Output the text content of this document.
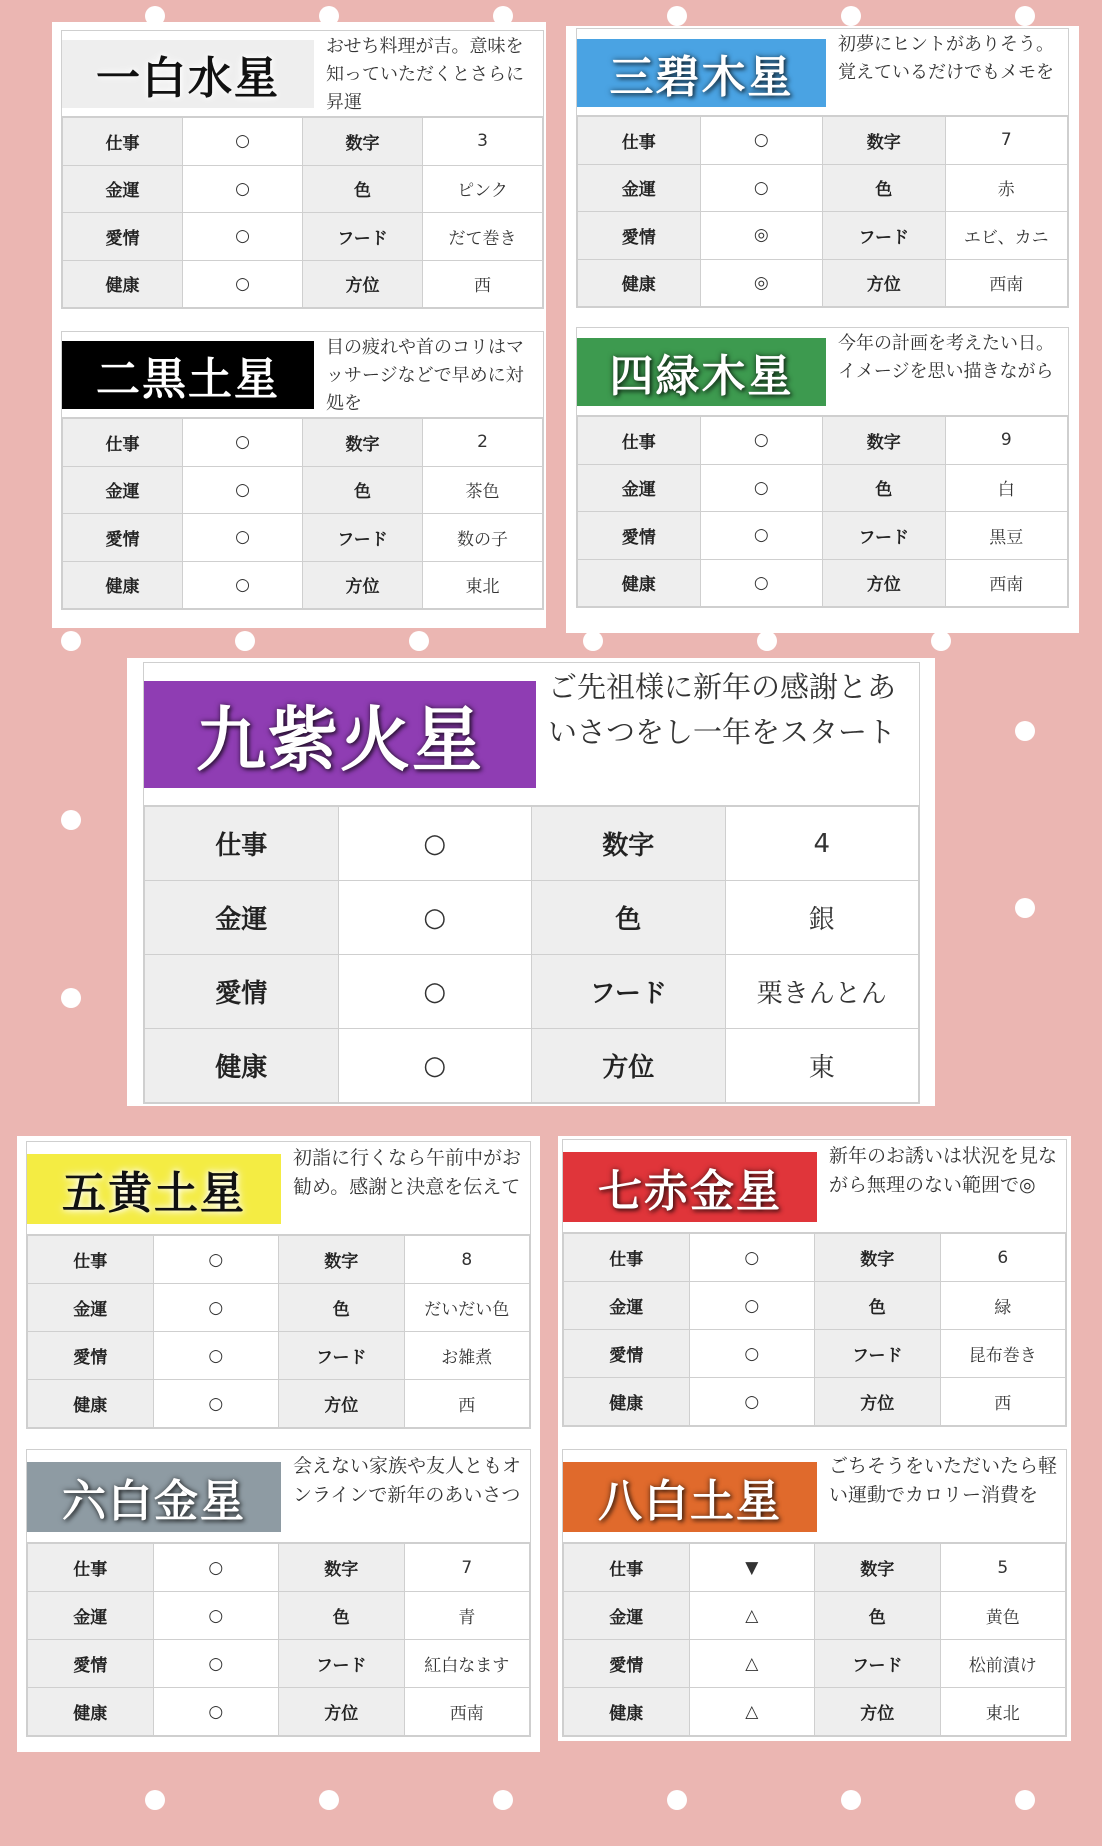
一白水星
おせち料理が吉。意味を知っていただくとさらに昇運
仕事	○	数字	3
金運	○	色	ピンク
愛情	○	フード	だて巻き
健康	○	方位	西
二黒土星
目の疲れや首のコリはマッサージなどで早めに対処を
仕事	○	数字	2
金運	○	色	茶色
愛情	○	フード	数の子
健康	○	方位	東北
三碧木星
初夢にヒントがありそう。覚えているだけでもメモを
仕事	○	数字	7
金運	○	色	赤
愛情	◎	フード	エビ、カニ
健康	◎	方位	西南
四緑木星
今年の計画を考えたい日。イメージを思い描きながら
仕事	○	数字	9
金運	○	色	白
愛情	○	フード	黒豆
健康	○	方位	西南
九紫火星
ご先祖様に新年の感謝とあいさつをし一年をスタート
仕事	○	数字	4
金運	○	色	銀
愛情	○	フード	栗きんとん
健康	○	方位	東
五黄土星
初詣に行くなら午前中がお勧め。感謝と決意を伝えて
仕事	○	数字	8
金運	○	色	だいだい色
愛情	○	フード	お雑煮
健康	○	方位	西
七赤金星
新年のお誘いは状況を見ながら無理のない範囲で◎
仕事	○	数字	6
金運	○	色	緑
愛情	○	フード	昆布巻き
健康	○	方位	西
六白金星
会えない家族や友人ともオンラインで新年のあいさつ
仕事	○	数字	7
金運	○	色	青
愛情	○	フード	紅白なます
健康	○	方位	西南
八白土星
ごちそうをいただいたら軽い運動でカロリー消費を
仕事	▼	数字	5
金運	△	色	黄色
愛情	△	フード	松前漬け
健康	△	方位	東北
